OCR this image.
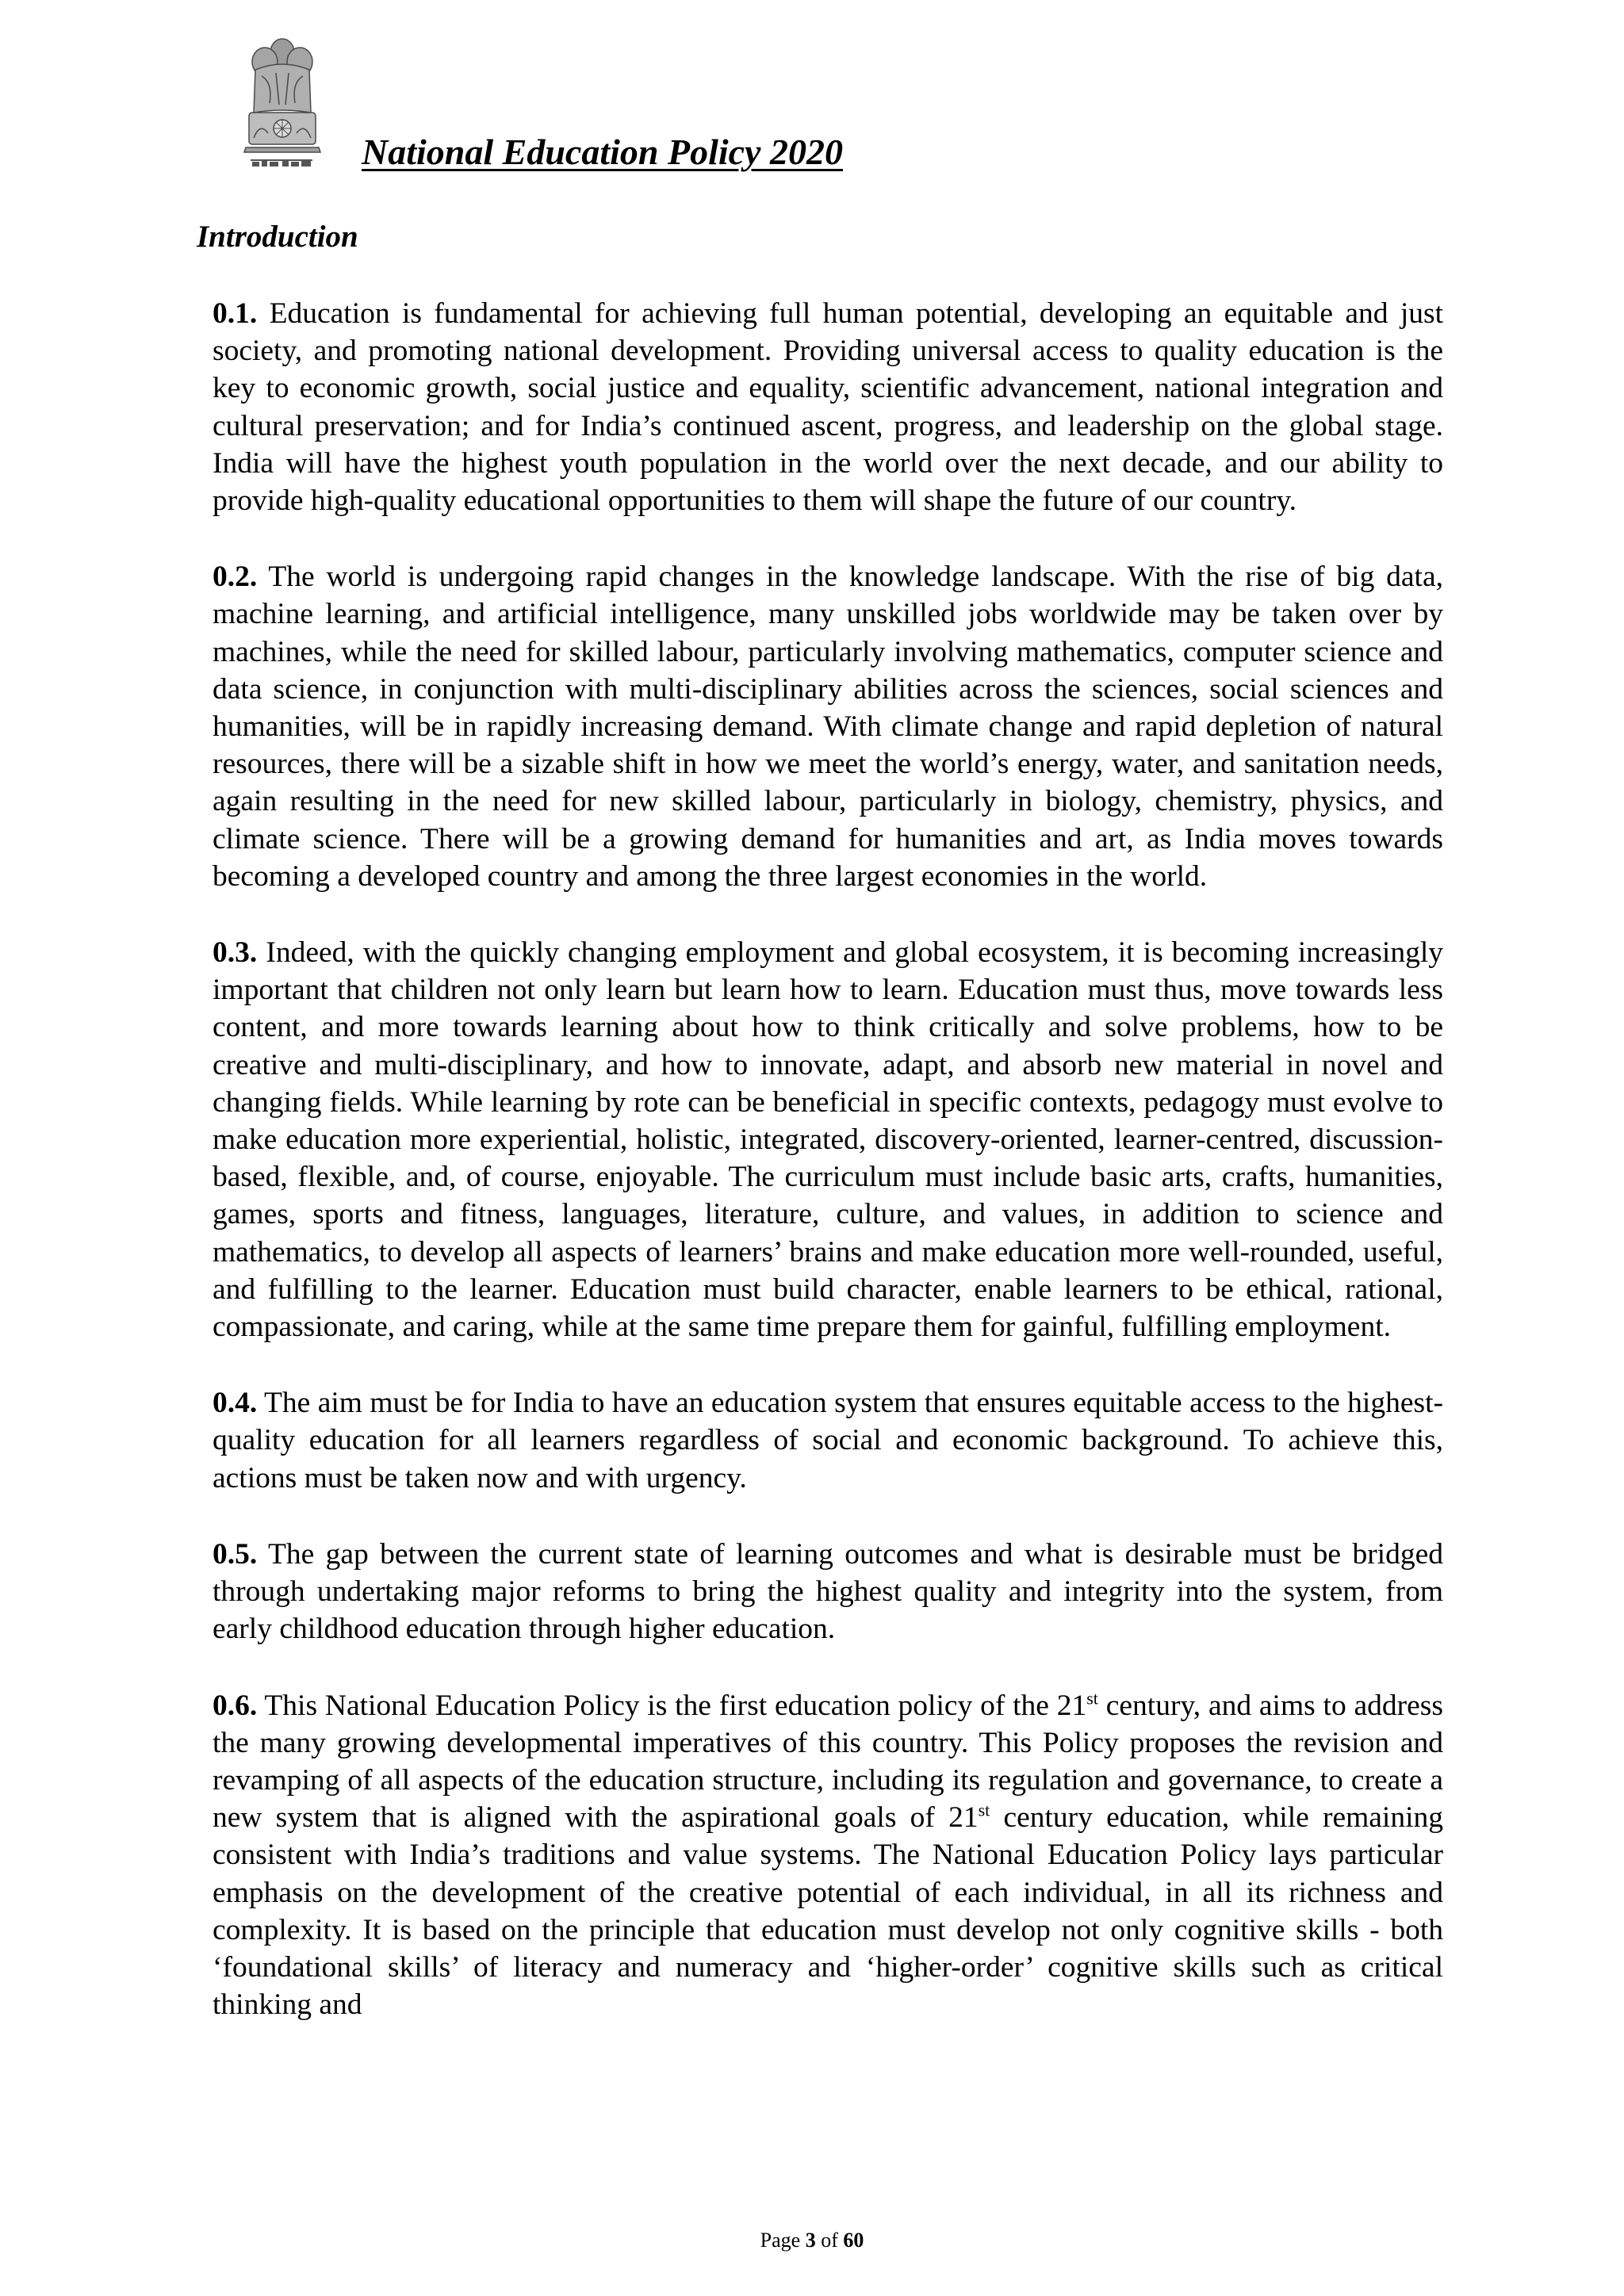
National Education Policy 2020
Introduction

0.1. Education is fundamental for achieving full human potential, developing an equitable and just society, and promoting national development. Providing universal access to quality education is the key to economic growth, social justice and equality, scientific advancement, national integration and cultural preservation; and for India’s continued ascent, progress, and leadership on the global stage. India will have the highest youth population in the world over the next decade, and our ability to provide high-quality educational opportunities to them will shape the future of our country.

0.2. The world is undergoing rapid changes in the knowledge landscape. With the rise of big data, machine learning, and artificial intelligence, many unskilled jobs worldwide may be taken over by machines, while the need for skilled labour, particularly involving mathematics, computer science and data science, in conjunction with multi-disciplinary abilities across the sciences, social sciences and humanities, will be in rapidly increasing demand. With climate change and rapid depletion of natural resources, there will be a sizable shift in how we meet the world’s energy, water, and sanitation needs, again resulting in the need for new skilled labour, particularly in biology, chemistry, physics, and climate science. There will be a growing demand for humanities and art, as India moves towards becoming a developed country and among the three largest economies in the world.

0.3. Indeed, with the quickly changing employment and global ecosystem, it is becoming increasingly important that children not only learn but learn how to learn. Education must thus, move towards less content, and more towards learning about how to think critically and solve problems, how to be creative and multi-disciplinary, and how to innovate, adapt, and absorb new material in novel and changing fields. While learning by rote can be beneficial in specific contexts, pedagogy must evolve to make education more experiential, holistic, integrated, discovery-oriented, learner-centred, discussion-based, flexible, and, of course, enjoyable. The curriculum must include basic arts, crafts, humanities, games, sports and fitness, languages, literature, culture, and values, in addition to science and mathematics, to develop all aspects of learners’ brains and make education more well-rounded, useful, and fulfilling to the learner. Education must build character, enable learners to be ethical, rational, compassionate, and caring, while at the same time prepare them for gainful, fulfilling employment.

0.4. The aim must be for India to have an education system that ensures equitable access to the highest-quality education for all learners regardless of social and economic background. To achieve this, actions must be taken now and with urgency.

0.5. The gap between the current state of learning outcomes and what is desirable must be bridged through undertaking major reforms to bring the highest quality and integrity into the system, from early childhood education through higher education.

0.6. This National Education Policy is the first education policy of the 21st century, and aims to address the many growing developmental imperatives of this country. This Policy proposes the revision and revamping of all aspects of the education structure, including its regulation and governance, to create a new system that is aligned with the aspirational goals of 21st century education, while remaining consistent with India’s traditions and value systems. The National Education Policy lays particular emphasis on the development of the creative potential of each individual, in all its richness and complexity. It is based on the principle that education must develop not only cognitive skills - both ‘foundational skills’ of literacy and numeracy and ‘higher-order’ cognitive skills such as critical thinking and

Page 3 of 60
